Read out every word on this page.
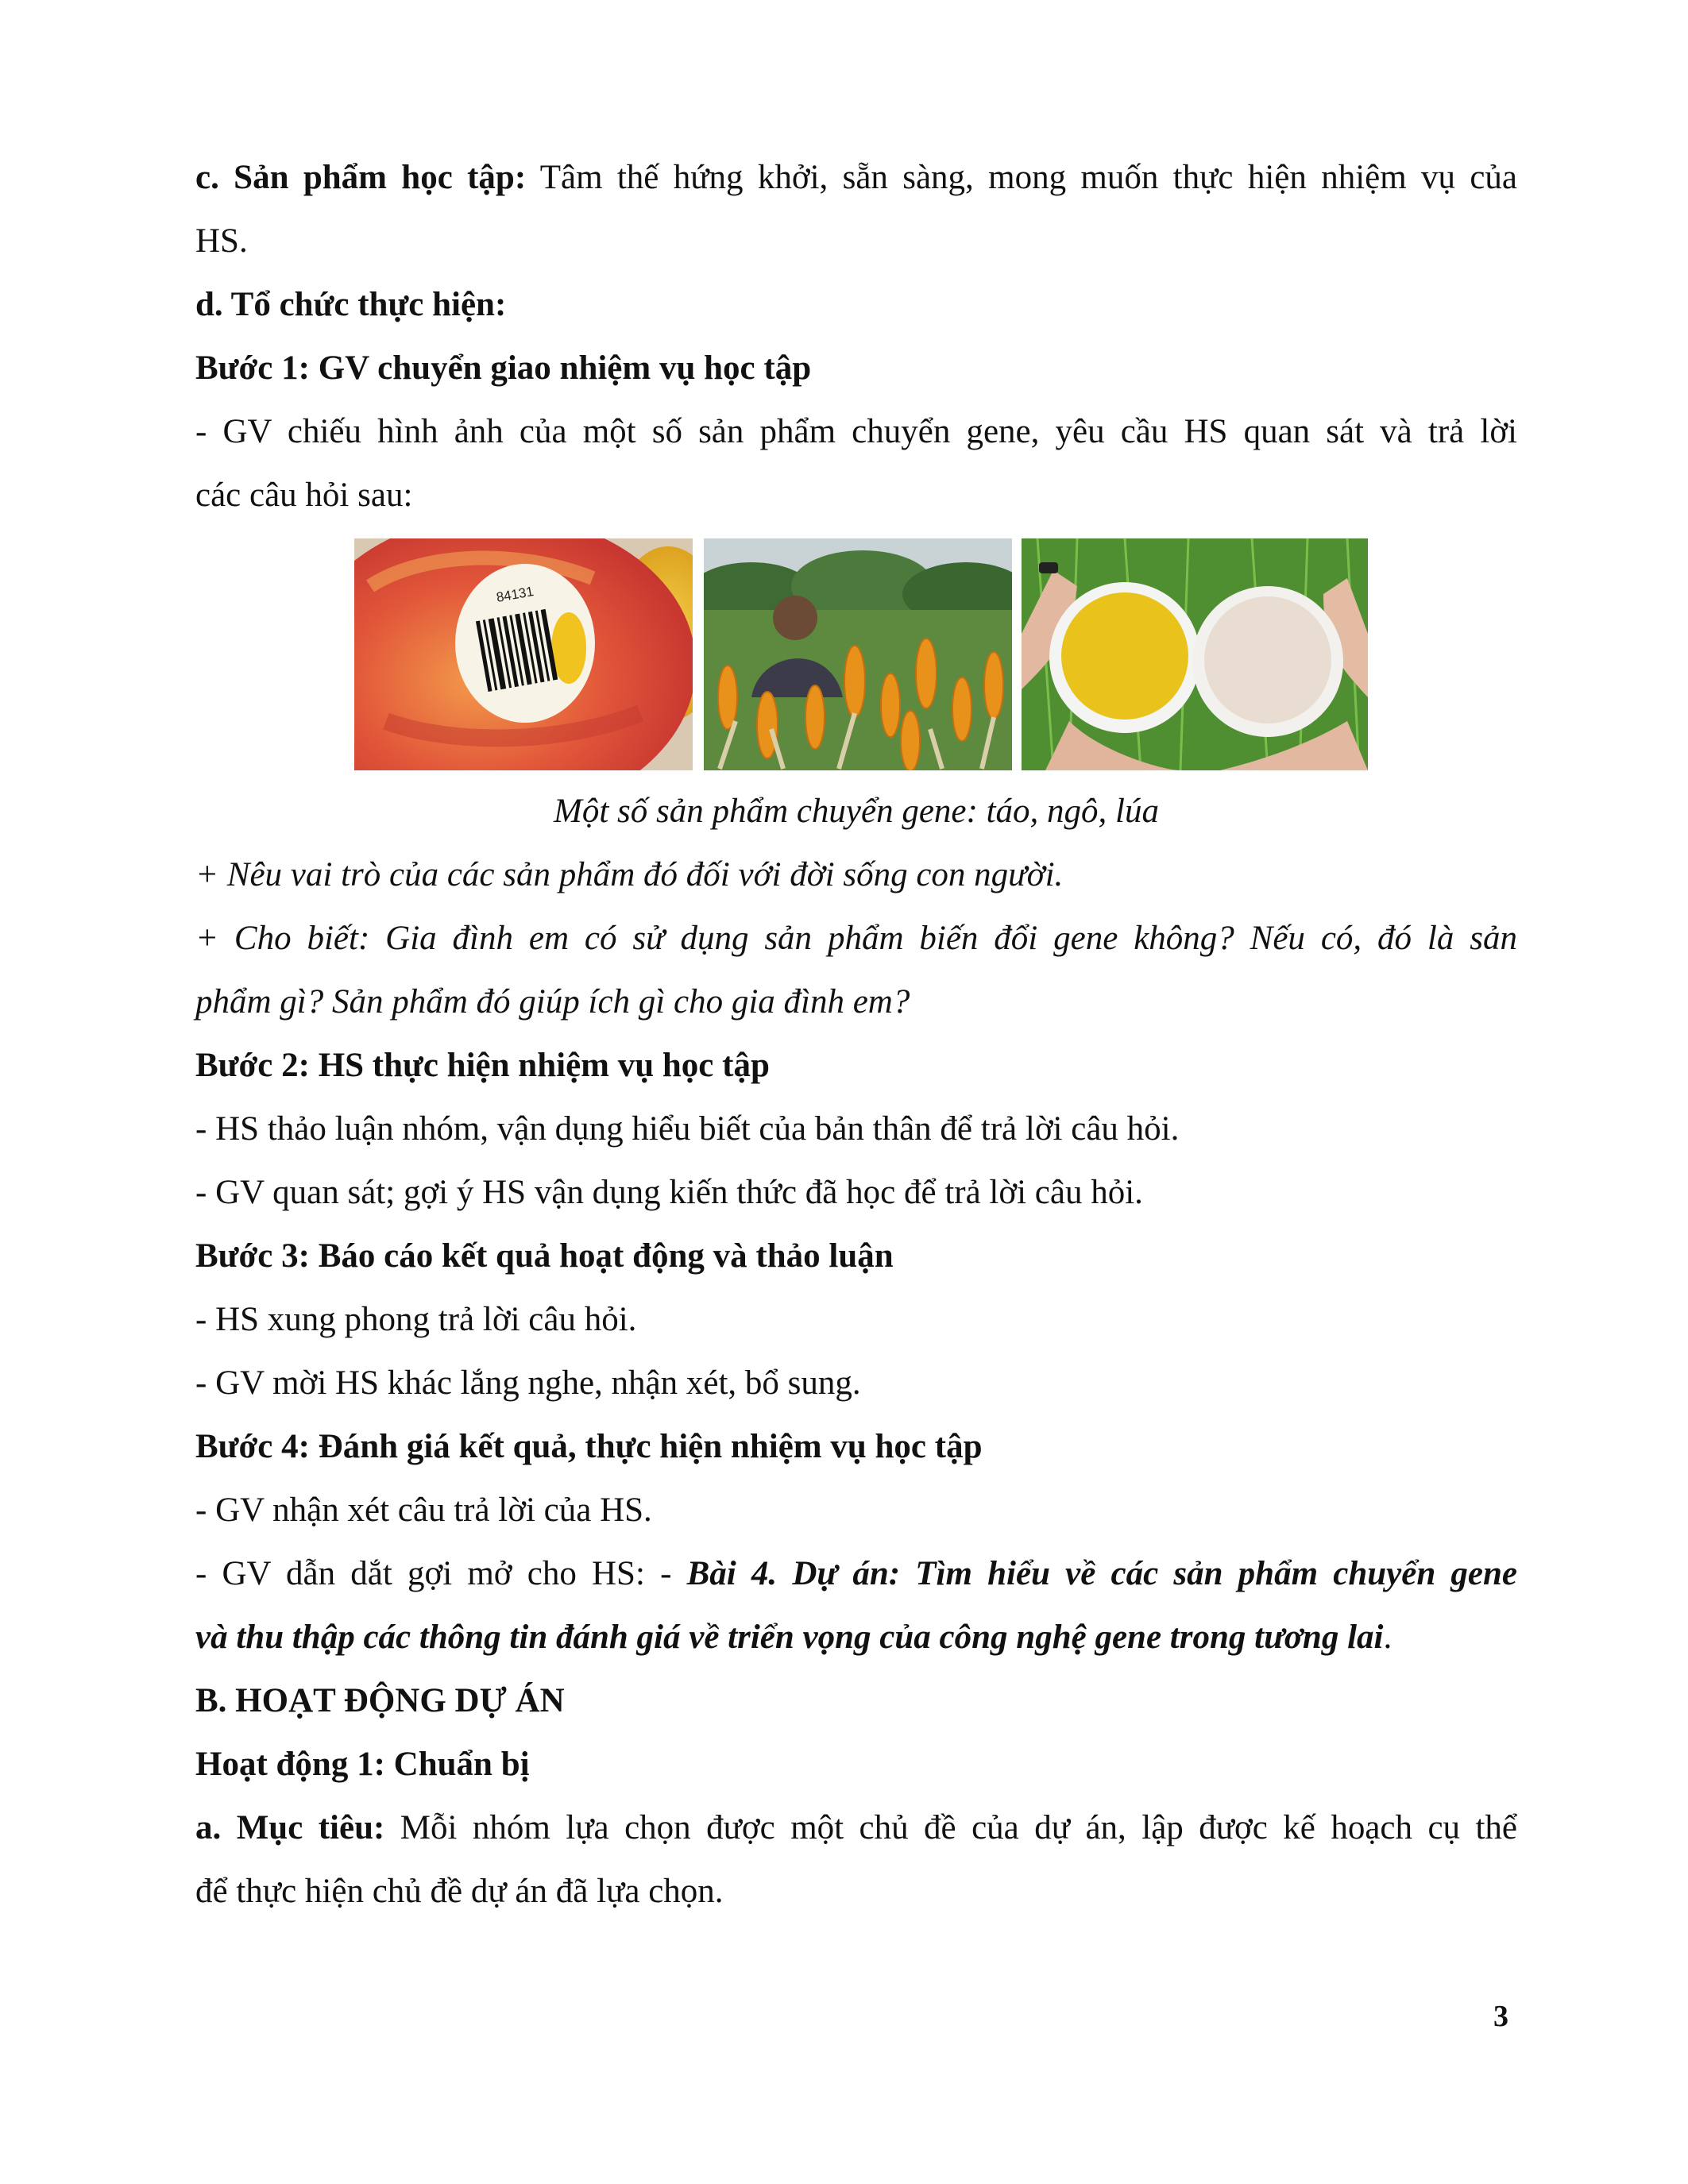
c. Sản phẩm học tập: Tâm thế hứng khởi, sẵn sàng, mong muốn thực hiện nhiệm vụ của
HS.
d. Tổ chức thực hiện:
Bước 1: GV chuyển giao nhiệm vụ học tập
- GV chiếu hình ảnh của một số sản phẩm chuyển gene, yêu cầu HS quan sát và trả lời
các câu hỏi sau:
Một số sản phẩm chuyển gene: táo, ngô, lúa
+ Nêu vai trò của các sản phẩm đó đối với đời sống con người.
+ Cho biết: Gia đình em có sử dụng sản phẩm biến đổi gene không? Nếu có, đó là sản
phẩm gì? Sản phẩm đó giúp ích gì cho gia đình em?
Bước 2: HS thực hiện nhiệm vụ học tập
- HS thảo luận nhóm, vận dụng hiểu biết của bản thân để trả lời câu hỏi.
- GV quan sát; gợi ý HS vận dụng kiến thức đã học để trả lời câu hỏi.
Bước 3: Báo cáo kết quả hoạt động và thảo luận
- HS xung phong trả lời câu hỏi.
- GV mời HS khác lắng nghe, nhận xét, bổ sung.
Bước 4: Đánh giá kết quả, thực hiện nhiệm vụ học tập
- GV nhận xét câu trả lời của HS.
- GV dẫn dắt gợi mở cho HS: - Bài 4. Dự án: Tìm hiểu về các sản phẩm chuyển gene
và thu thập các thông tin đánh giá về triển vọng của công nghệ gene trong tương lai.
B. HOẠT ĐỘNG DỰ ÁN
Hoạt động 1: Chuẩn bị
a. Mục tiêu: Mỗi nhóm lựa chọn được một chủ đề của dự án, lập được kế hoạch cụ thể
để thực hiện chủ đề dự án đã lựa chọn.
84131
3
